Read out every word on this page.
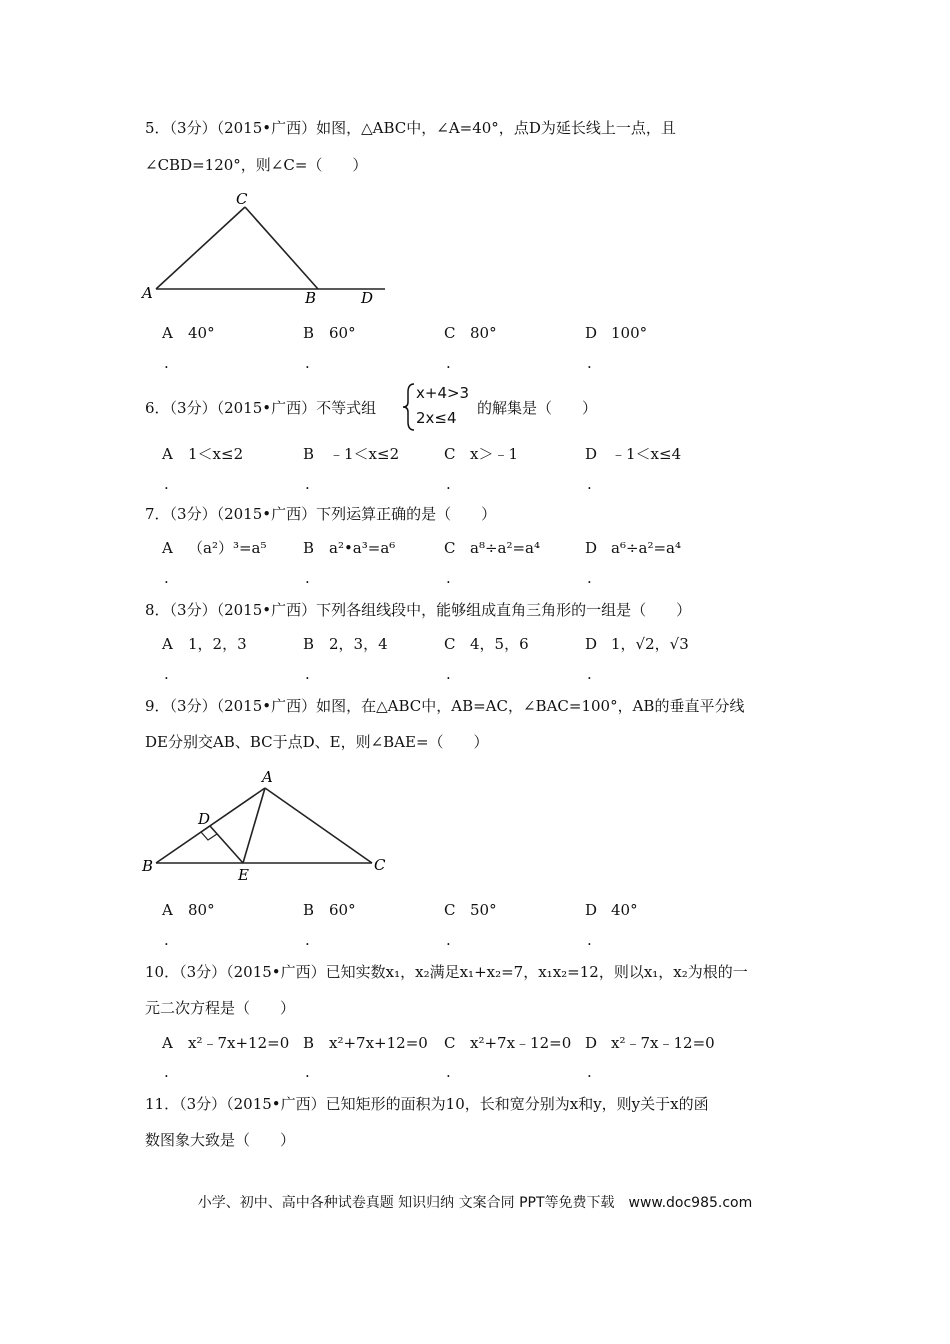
5．（3分）（2015•广西）如图，△ABC中，∠A=40°，点D为延长线上一点，且
∠CBD=120°，则∠C=（　　）
C
A	B	D
A 40°	B 60°	C 80°	D 100°
.	.	.	.
6．（3分）（2015•广西）不等式组
x+4>3
2x≤4
的解集是（　　）
A 1＜x≤2	B ﹣1＜x≤2	C x＞﹣1	D ﹣1＜x≤4
.	.	.	.
7．（3分）（2015•广西）下列运算正确的是（　　）
A （a²）³=a⁵ B a²•a³=a⁶	C a⁸÷a²=a⁴	D a⁶÷a²=a⁴
.	.	.	.
8．（3分）（2015•广西）下列各组线段中，能够组成直角三角形的一组是（　　）
A 1，2，3	B 2，3，4	C 4，5，6	D 1，√2，√3
.	.	.	.
9．（3分）（2015•广西）如图，在△ABC中，AB=AC，∠BAC=100°，AB的垂直平分线
DE分别交AB、BC于点D、E，则∠BAE=（　　）
A
D
B	E
C
A 80°	B 60°	C 50°	D 40°
.	.	.	.
10．（3分）（2015•广西）已知实数x₁，x₂满足x₁+x₂=7，x₁x₂=12，则以x₁，x₂为根的一
元二次方程是（　　）
A x²﹣7x+12=0 B x²+7x+12=0 C x²+7x﹣12=0 D x²﹣7x﹣12=0
.	.	.	.
11．（3分）（2015•广西）已知矩形的面积为10，长和宽分别为x和y，则y关于x的函
数图象大致是（　　）
小学、初中、高中各种试卷真题 知识归纳 文案合同 PPT等免费下载　www.doc985.com
